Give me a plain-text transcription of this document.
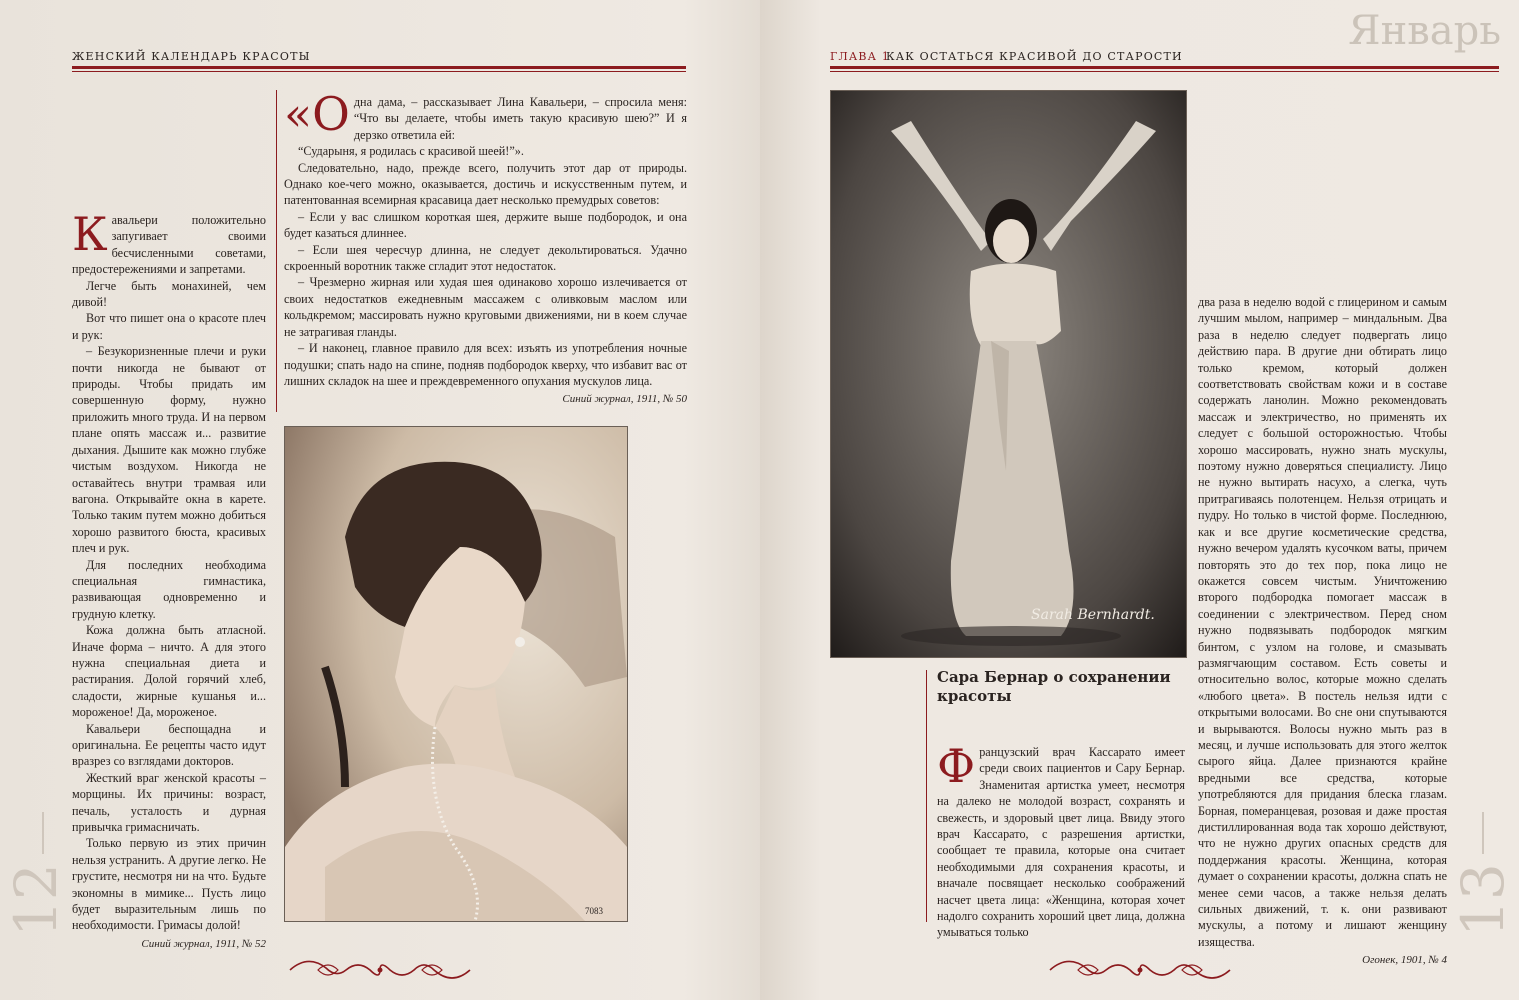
ЖЕНСКИЙ КАЛЕНДАРЬ КРАСОТЫ
К авальери положительно запугивает своими бесчисленными советами, предостережениями и запретами.

Легче быть монахиней, чем дивой!

Вот что пишет она о красоте плеч и рук:

– Безукоризненные плечи и руки почти никогда не бывают от природы. Чтобы придать им совершенную форму, нужно приложить много труда. И на первом плане опять массаж и... развитие дыхания. Дышите как можно глубже чистым воздухом. Никогда не оставайтесь внутри трамвая или вагона. Открывайте окна в карете. Только таким путем можно добиться хорошо развитого бюста, красивых плеч и рук.

Для последних необходима специальная гимнастика, развивающая одновременно и грудную клетку.

Кожа должна быть атласной. Иначе форма – ничто. А для этого нужна специальная диета и растирания. Долой горячий хлеб, сладости, жирные кушанья и... мороженое! Да, мороженое.

Кавальери беспощадна и оригинальна. Ее рецепты часто идут вразрез со взглядами докторов.

Жесткий враг женской красоты – морщины. Их причины: возраст, печаль, усталость и дурная привычка гримасничать.

Только первую из этих причин нельзя устранить. А другие легко. Не грустите, несмотря ни на что. Будьте экономны в мимике... Пусть лицо будет выразительным лишь по необходимости. Гримасы долой!

Синий журнал, 1911, № 52
«О дна дама, – рассказывает Лина Кавальери, – спросила меня: “Что вы делаете, чтобы иметь такую красивую шею?” И я дерзко ответила ей:

“Сударыня, я родилась с красивой шеей!”».

Следовательно, надо, прежде всего, получить этот дар от природы. Однако кое-чего можно, оказывается, достичь и искусственным путем, и патентованная всемирная красавица дает несколько премудрых советов:

– Если у вас слишком короткая шея, держите выше подбородок, и она будет казаться длиннее.

– Если шея чересчур длинна, не следует декольтироваться. Удачно скроенный воротник также сгладит этот недостаток.

– Чрезмерно жирная или худая шея одинаково хорошо излечивается от своих недостатков ежедневным массажем с оливковым маслом или кольдкремом; массировать нужно круговыми движениями, ни в коем случае не затрагивая гланды.

– И наконец, главное правило для всех: изъять из употребления ночные подушки; спать надо на спине, подняв подбородок кверху, что избавит вас от лишних складок на шее и преждевременного опухания мускулов лица.

Синий журнал, 1911, № 50
7083
12
ГЛАВА 1
КАК ОСТАТЬСЯ КРАСИВОЙ ДО СТАРОСТИ
Январь
Sarah Bernhardt.
Сара Бернар о сохранении красоты
Ф ранцузский врач Кассарато имеет среди своих пациентов и Сару Бернар. Знаменитая артистка умеет, несмотря на далеко не молодой возраст, сохранять и свежесть, и здоровый цвет лица. Ввиду этого врач Кассарато, с разрешения артистки, сообщает те правила, которые она считает необходимыми для сохранения красоты, и вначале посвящает несколько соображений насчет цвета лица: «Женщина, которая хочет надолго сохранить хороший цвет лица, должна умываться только

два раза в неделю водой с глицерином и самым лучшим мылом, например – миндальным. Два раза в неделю следует подвергать лицо действию пара. В другие дни обтирать лицо только кремом, который должен соответствовать свойствам кожи и в составе содержать ланолин. Можно рекомендовать массаж и электричество, но применять их следует с большой осторожностью. Чтобы хорошо массировать, нужно знать мускулы, поэтому нужно доверяться специалисту. Лицо не нужно вытирать насухо, а слегка, чуть притрагиваясь полотенцем. Нельзя отрицать и пудру. Но только в чистой форме. Последнюю, как и все другие косметические средства, нужно вечером удалять кусочком ваты, причем повторять это до тех пор, пока лицо не окажется совсем чистым. Уничтожению второго подбородка помогает массаж в соединении с электричеством. Перед сном нужно подвязывать подбородок мягким бинтом, с узлом на голове, и смазывать размягчающим составом. Есть советы и относительно волос, которые можно сделать «любого цвета». В постель нельзя идти с открытыми волосами. Во сне они спутываются и вырываются. Волосы нужно мыть раз в месяц, и лучше использовать для этого желток сырого яйца. Далее признаются крайне вредными все средства, которые употребляются для придания блеска глазам. Борная, померанцевая, розовая и даже простая дистиллированная вода так хорошо действуют, что не нужно других опасных средств для поддержания красоты. Женщина, которая думает о сохранении красоты, должна спать не менее семи часов, а также нельзя делать сильных движений, т. к. они развивают мускулы, а потому и лишают женщину изящества.

Огонек, 1901, № 4
13
